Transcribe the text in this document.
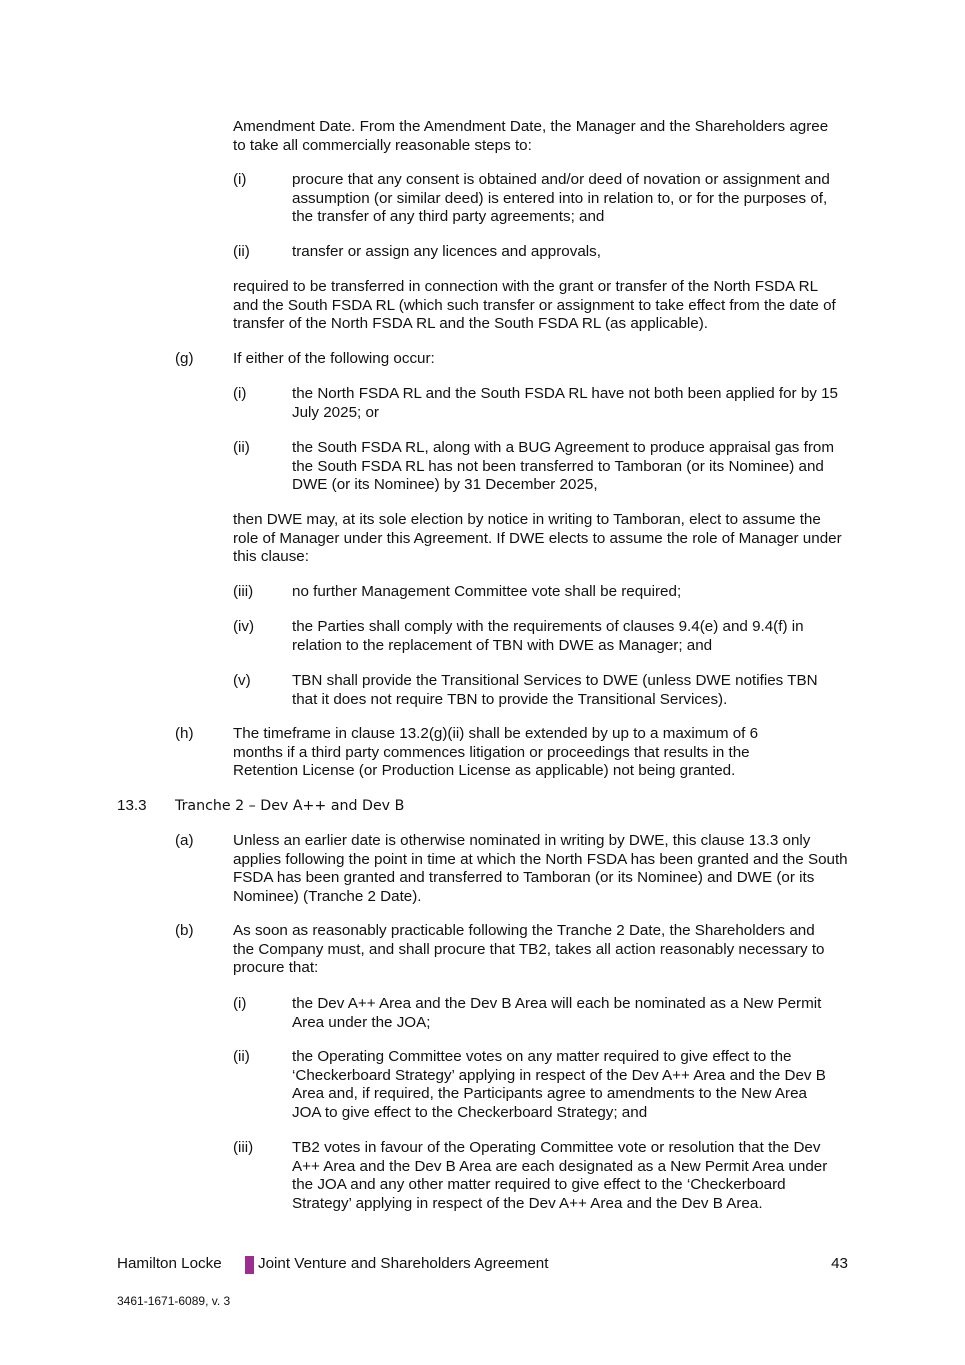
Amendment Date. From the Amendment Date, the Manager and the Shareholders agree to take all commercially reasonable steps to:

(i)	procure that any consent is obtained and/or deed of novation or assignment and assumption (or similar deed) is entered into in relation to, or for the purposes of, the transfer of any third party agreements; and

(ii)	transfer or assign any licences and approvals,

required to be transferred in connection with the grant or transfer of the North FSDA RL and the South FSDA RL (which such transfer or assignment to take effect from the date of transfer of the North FSDA RL and the South FSDA RL (as applicable).

(g)	If either of the following occur:

(i)	the North FSDA RL and the South FSDA RL have not both been applied for by 15 July 2025; or

(ii)	the South FSDA RL, along with a BUG Agreement to produce appraisal gas from the South FSDA RL has not been transferred to Tamboran (or its Nominee) and DWE (or its Nominee) by 31 December 2025,

then DWE may, at its sole election by notice in writing to Tamboran, elect to assume the role of Manager under this Agreement. If DWE elects to assume the role of Manager under this clause:

(iii)	no further Management Committee vote shall be required;

(iv) the Parties shall comply with the requirements of clauses 9.4(e) and 9.4(f) in relation to the replacement of TBN with DWE as Manager; and

(v)	TBN shall provide the Transitional Services to DWE (unless DWE notifies TBN that it does not require TBN to provide the Transitional Services).

(h)	The timeframe in clause 13.2(g)(ii) shall be extended by up to a maximum of 6 months if a third party commences litigation or proceedings that results in the Retention License (or Production License as applicable) not being granted.

13.3 Tranche 2 – Dev A++ and Dev B
(a)	Unless an earlier date is otherwise nominated in writing by DWE, this clause 13.3 only applies following the point in time at which the North FSDA has been granted and the South FSDA has been granted and transferred to Tamboran (or its Nominee) and DWE (or its Nominee) (Tranche 2 Date).

(b)	As soon as reasonably practicable following the Tranche 2 Date, the Shareholders and the Company must, and shall procure that TB2, takes all action reasonably necessary to procure that:

(i)	the Dev A++ Area and the Dev B Area will each be nominated as a New Permit Area under the JOA;

(ii)	the Operating Committee votes on any matter required to give effect to the ‘Checkerboard Strategy’ applying in respect of the Dev A++ Area and the Dev B Area and, if required, the Participants agree to amendments to the New Area JOA to give effect to the Checkerboard Strategy; and

(iii)	TB2 votes in favour of the Operating Committee vote or resolution that the Dev A++ Area and the Dev B Area are each designated as a New Permit Area under the JOA and any other matter required to give effect to the ‘Checkerboard Strategy’ applying in respect of the Dev A++ Area and the Dev B Area.

Hamilton Locke Joint Venture and Shareholders Agreement	43
3461-1671-6089, v. 3
